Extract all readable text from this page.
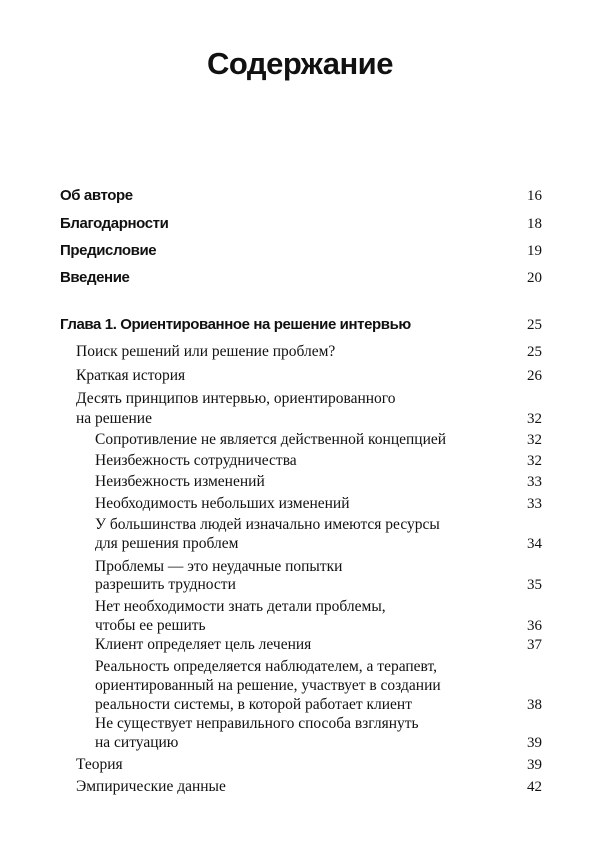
Содержание
Об авторе	16
Благодарности	18
Предисловие	19
Введение	20
Глава 1. Ориентированное на решение интервью	25
Поиск решений или решение проблем?	25
Краткая история	26
Десять принципов интервью, ориентированного
на решение	32
Сопротивление не является действенной концепцией	32
Неизбежность сотрудничества	32
Неизбежность изменений	33
Необходимость небольших изменений	33
У большинства людей изначально имеются ресурсы
для решения проблем	34
Проблемы — это неудачные попытки
разрешить трудности	35
Нет необходимости знать детали проблемы,
чтобы ее решить	36
Клиент определяет цель лечения	37
Реальность определяется наблюдателем, а терапевт,
ориентированный на решение, участвует в создании
реальности системы, в которой работает клиент	38
Не существует неправильного способа взглянуть
на ситуацию	39
Теория	39
Эмпирические данные	42
